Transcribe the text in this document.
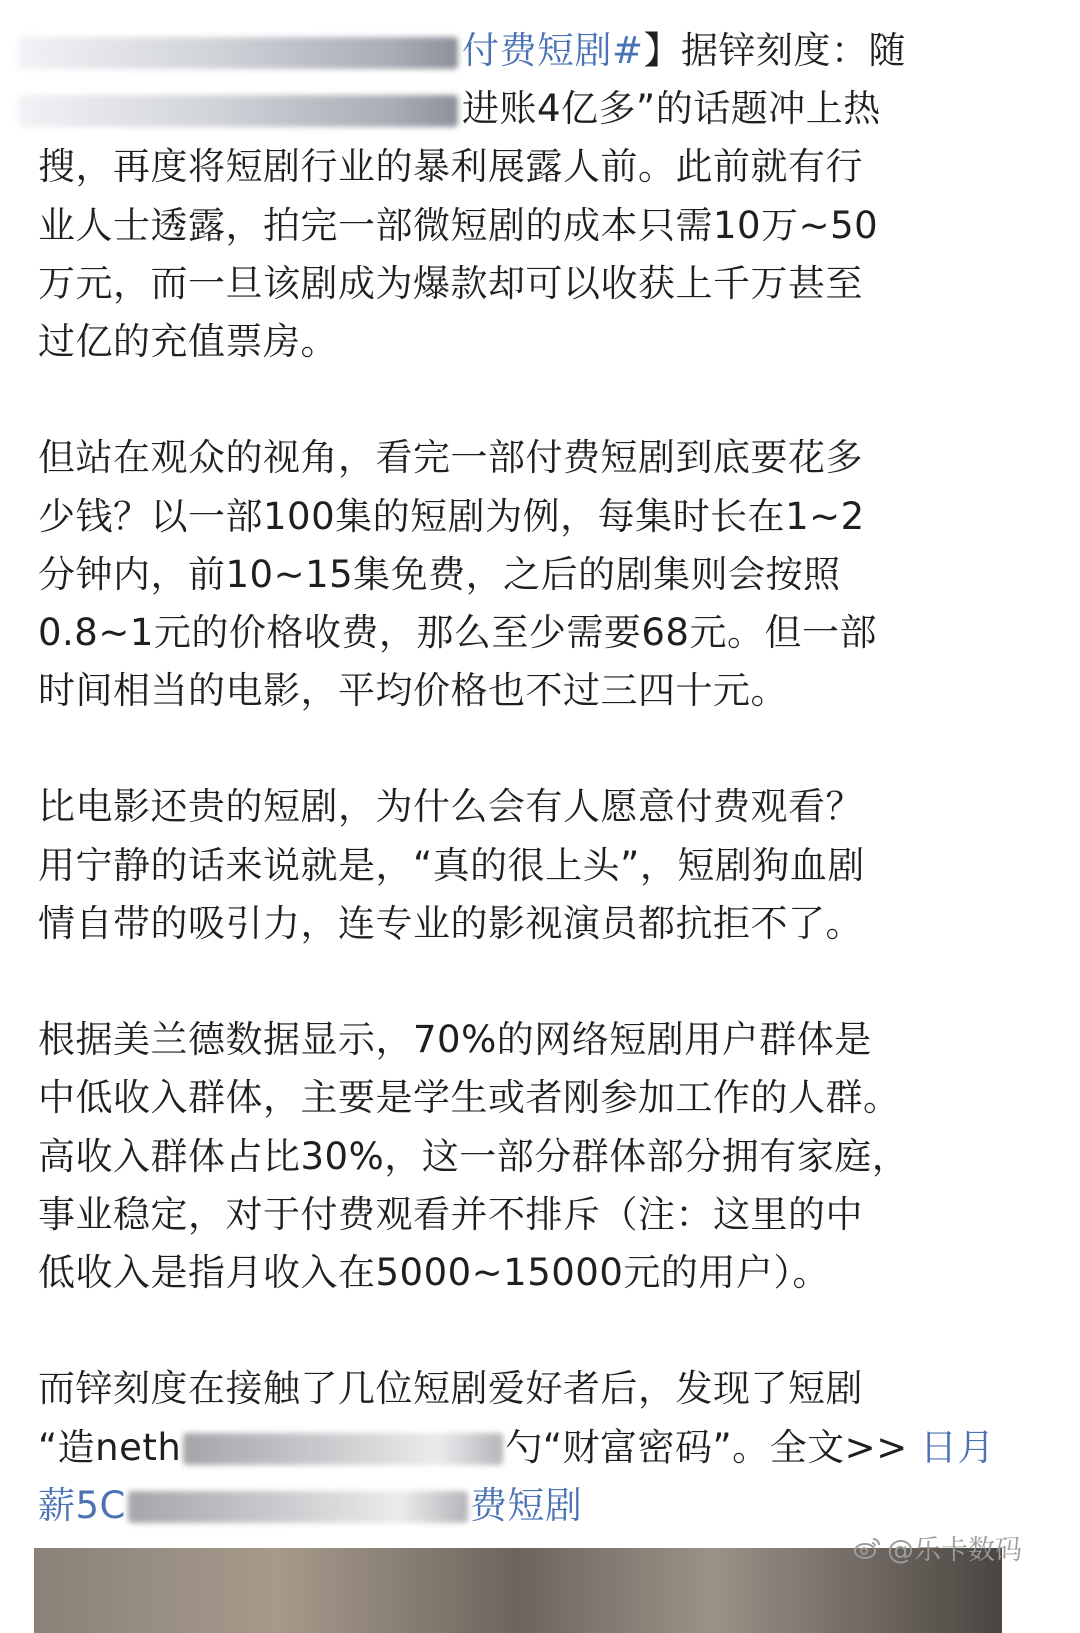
付费短剧#】据锌刻度：随
进账4亿多”的话题冲上热
搜，再度将短剧行业的暴利展露人前。此前就有行
业人士透露，拍完一部微短剧的成本只需10万~50
万元，而一旦该剧成为爆款却可以收获上千万甚至
过亿的充值票房。
但站在观众的视角，看完一部付费短剧到底要花多
少钱？以一部100集的短剧为例，每集时长在1~2
分钟内，前10~15集免费，之后的剧集则会按照
0.8~1元的价格收费，那么至少需要68元。但一部
时间相当的电影，平均价格也不过三四十元。
比电影还贵的短剧，为什么会有人愿意付费观看？
用宁静的话来说就是，“真的很上头”，短剧狗血剧
情自带的吸引力，连专业的影视演员都抗拒不了。
根据美兰德数据显示，70%的网络短剧用户群体是
中低收入群体，主要是学生或者刚参加工作的人群。
高收入群体占比30%，这一部分群体部分拥有家庭，
事业稳定，对于付费观看并不排斥（注：这里的中
低收入是指月收入在5000~15000元的用户）。
而锌刻度在接触了几位短剧爱好者后，发现了短剧
“造neth	勺“财富密码”。全文>> 日月
薪5C	费短剧
@乐卡数码
